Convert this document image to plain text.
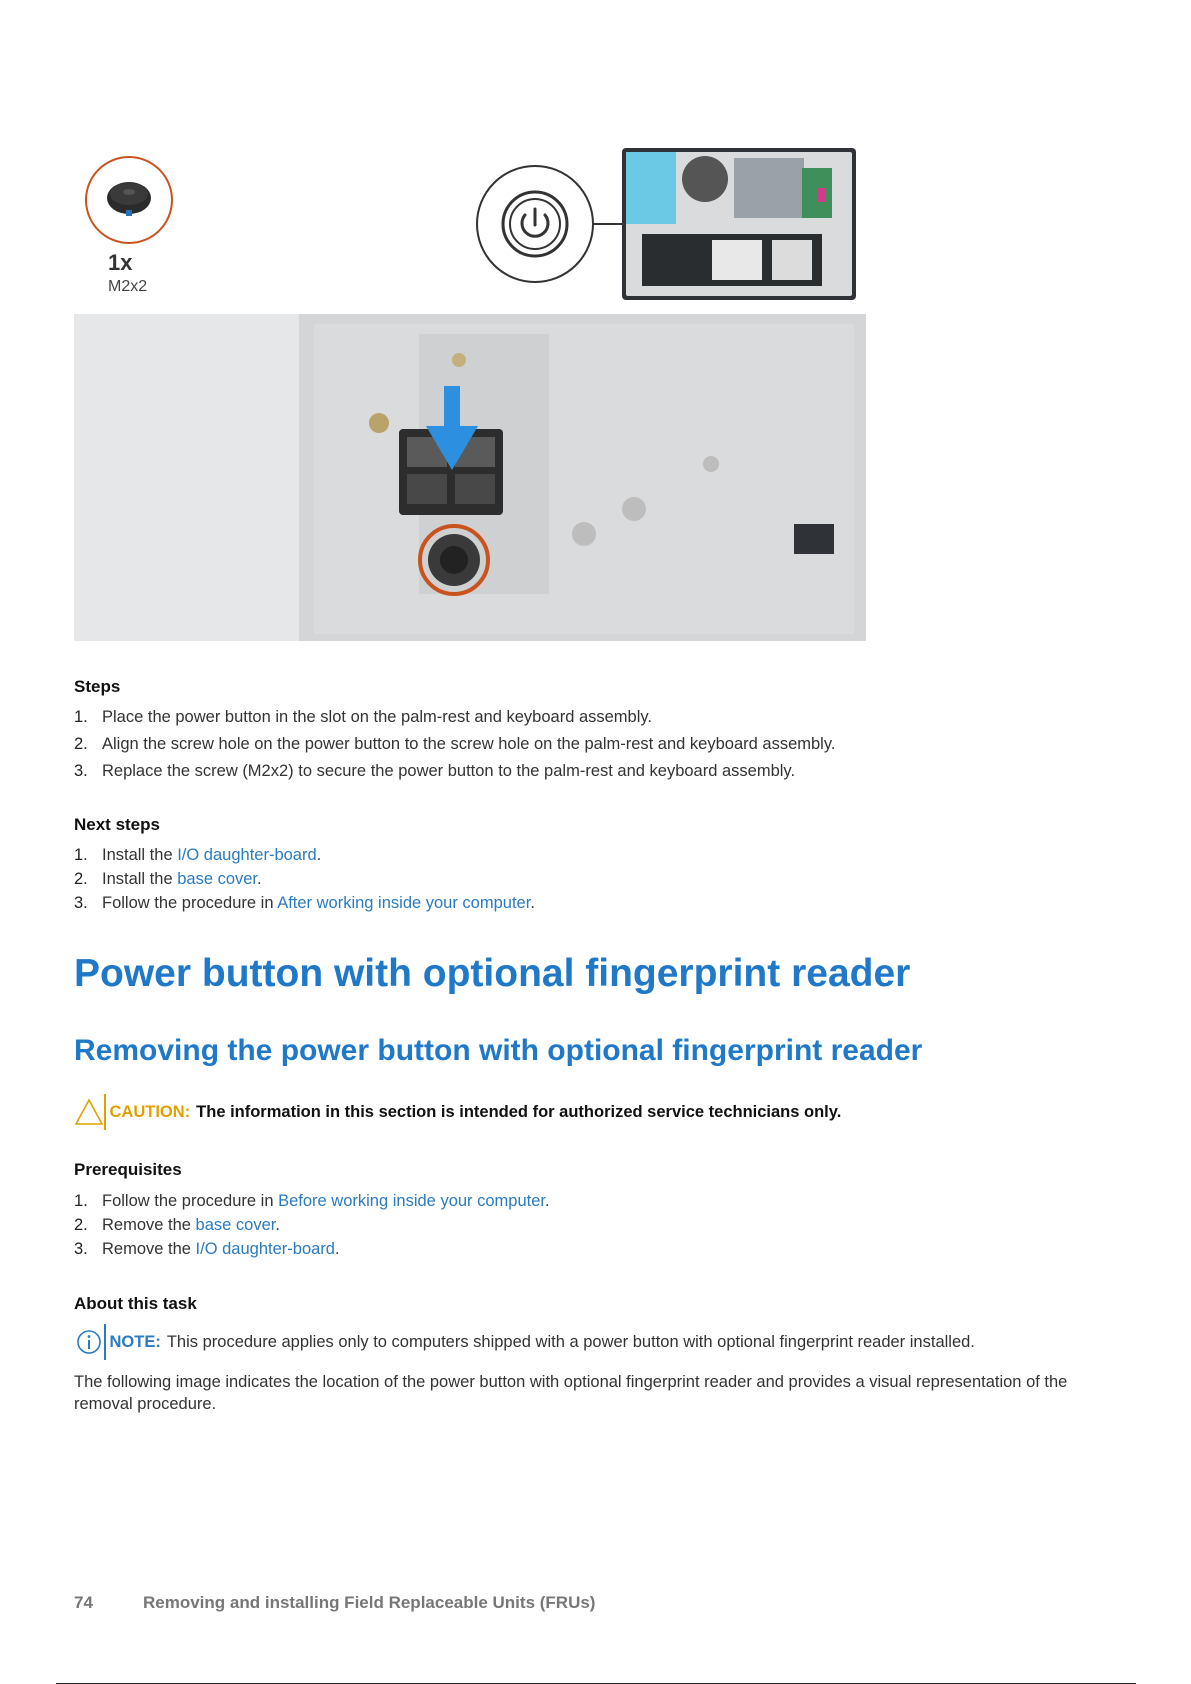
1x
M2x2
Steps
1. Place the power button in the slot on the palm-rest and keyboard assembly.
2. Align the screw hole on the power button to the screw hole on the palm-rest and keyboard assembly.
3. Replace the screw (M2x2) to secure the power button to the palm-rest and keyboard assembly.
Next steps
1. Install the I/O daughter-board.
2. Install the base cover.
3. Follow the procedure in After working inside your computer.
Power button with optional fingerprint reader
Removing the power button with optional fingerprint reader
CAUTION: The information in this section is intended for authorized service technicians only.
Prerequisites
1. Follow the procedure in Before working inside your computer.
2. Remove the base cover.
3. Remove the I/O daughter-board.
About this task
NOTE: This procedure applies only to computers shipped with a power button with optional fingerprint reader installed.

The following image indicates the location of the power button with optional fingerprint reader and provides a visual representation of the removal procedure.

74	Removing and installing Field Replaceable Units (FRUs)
